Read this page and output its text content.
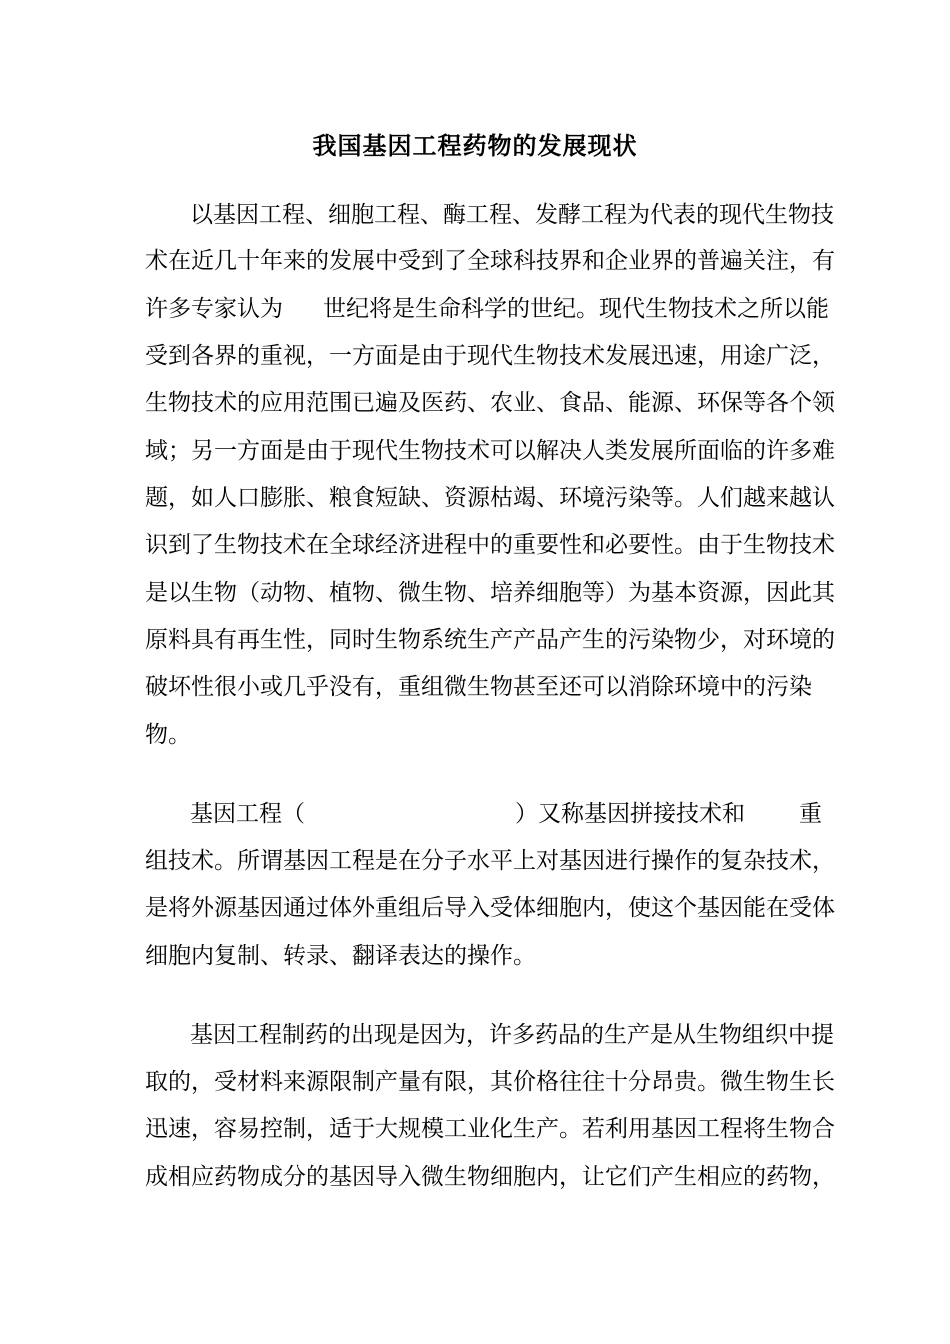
我国基因工程药物的发展现状
以基因工程、细胞工程、酶工程、发酵工程为代表的现代生物技
术在近几十年来的发展中受到了全球科技界和企业界的普遍关注，有
许多专家认为 世纪将是生命科学的世纪。现代生物技术之所以能
受到各界的重视，一方面是由于现代生物技术发展迅速，用途广泛，
生物技术的应用范围已遍及医药、农业、食品、能源、环保等各个领
域；另一方面是由于现代生物技术可以解决人类发展所面临的许多难
题，如人口膨胀、粮食短缺、资源枯竭、环境污染等。人们越来越认
识到了生物技术在全球经济进程中的重要性和必要性。由于生物技术
是以生物（动物、植物、微生物、培养细胞等）为基本资源，因此其
原料具有再生性，同时生物系统生产产品产生的污染物少，对环境的
破坏性很小或几乎没有，重组微生物甚至还可以消除环境中的污染
物。
基因工程（	）又称基因拼接技术和 重
组技术。所谓基因工程是在分子水平上对基因进行操作的复杂技术，
是将外源基因通过体外重组后导入受体细胞内，使这个基因能在受体
细胞内复制、转录、翻译表达的操作。
基因工程制药的出现是因为，许多药品的生产是从生物组织中提
取的，受材料来源限制产量有限，其价格往往十分昂贵。微生物生长
迅速，容易控制，适于大规模工业化生产。若利用基因工程将生物合
成相应药物成分的基因导入微生物细胞内，让它们产生相应的药物，
